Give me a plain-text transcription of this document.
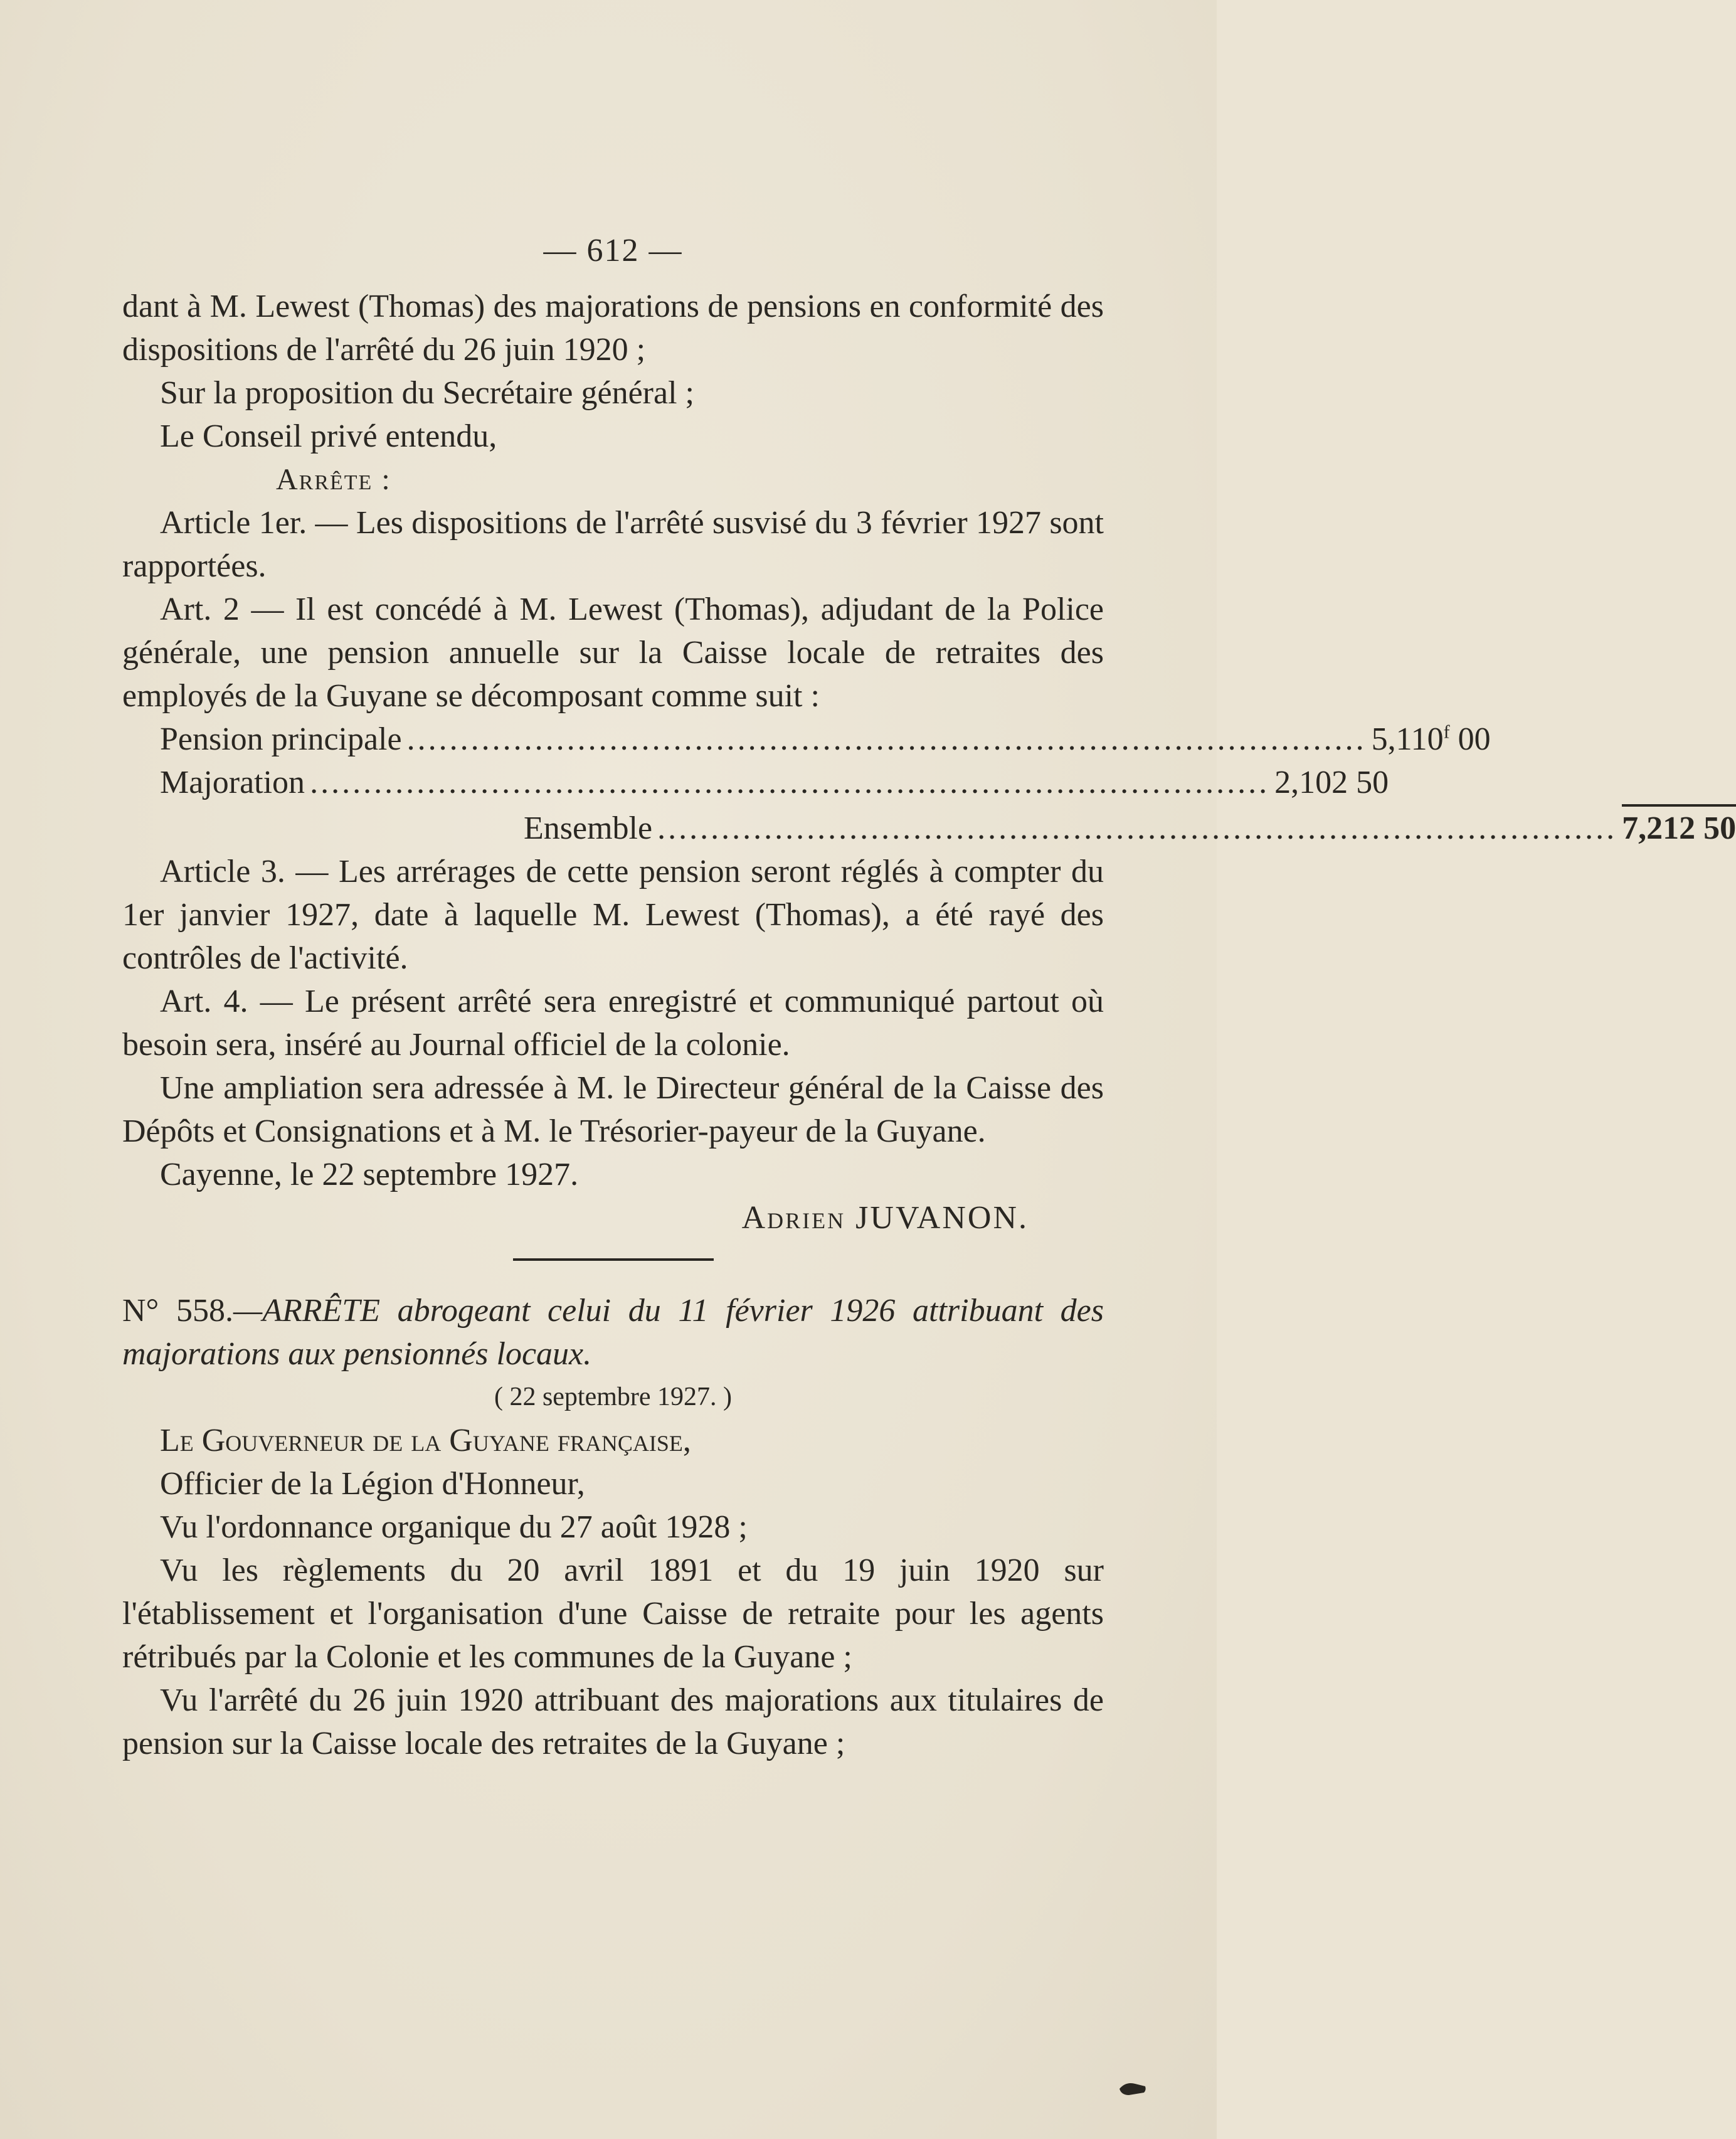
— 612 —

dant à M. Lewest (Thomas) des majorations de pensions en conformité des dispositions de l'arrêté du 26 juin 1920 ;

Sur la proposition du Secrétaire général ;

Le Conseil privé entendu,

Arrête :

Article 1er. — Les dispositions de l'arrêté susvisé du 3 février 1927 sont rapportées.

Art. 2 — Il est concédé à M. Lewest (Thomas), adjudant de la Police générale, une pension annuelle sur la Caisse locale de retraites des employés de la Guyane se décomposant comme suit :

Pension principale .......................................................................................... 5,110$^f$ 00
Majoration .......................................................................................... 2,102 50
Ensemble .......................................................................................... 7,212 50

Article 3. — Les arrérages de cette pension seront réglés à compter du 1er janvier 1927, date à laquelle M. Lewest (Thomas), a été rayé des contrôles de l'activité.

Art. 4. — Le présent arrêté sera enregistré et communiqué partout où besoin sera, inséré au Journal officiel de la colonie.

Une ampliation sera adressée à M. le Directeur général de la Caisse des Dépôts et Consignations et à M. le Trésorier-payeur de la Guyane.

Cayenne, le 22 septembre 1927.

Adrien JUVANON.

N° 558.—ARRÊTE abrogeant celui du 11 février 1926 attribuant des majorations aux pensionnés locaux.

( 22 septembre 1927. )

Le Gouverneur de la Guyane française,

Officier de la Légion d'Honneur,

Vu l'ordonnance organique du 27 août 1928 ;

Vu les règlements du 20 avril 1891 et du 19 juin 1920 sur l'établissement et l'organisation d'une Caisse de retraite pour les agents rétribués par la Colonie et les communes de la Guyane ;

Vu l'arrêté du 26 juin 1920 attribuant des majorations aux titulaires de pension sur la Caisse locale des retraites de la Guyane ;
